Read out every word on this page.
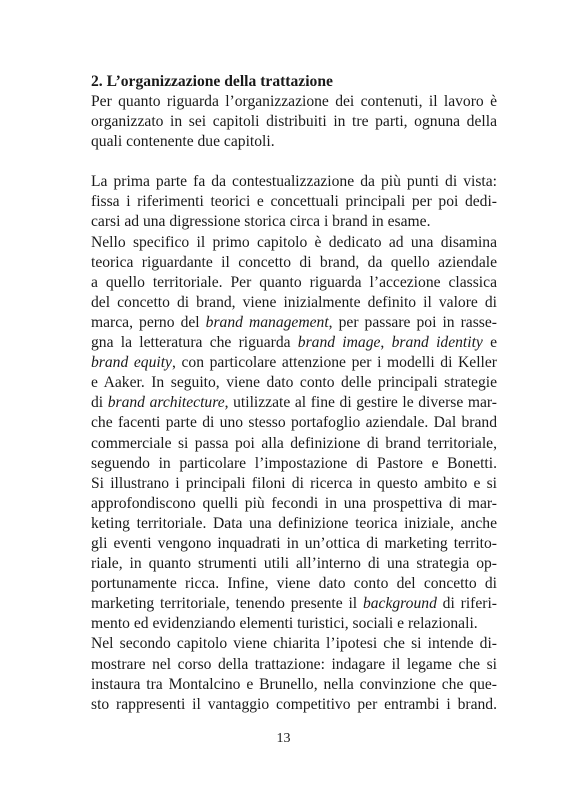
2. L’organizzazione della trattazione
Per quanto riguarda l’organizzazione dei contenuti, il lavoro è
organizzato in sei capitoli distribuiti in tre parti, ognuna della
quali contenente due capitoli.
La prima parte fa da contestualizzazione da più punti di vista:
fissa i riferimenti teorici e concettuali principali per poi dedi-
carsi ad una digressione storica circa i brand in esame.
Nello specifico il primo capitolo è dedicato ad una disamina
teorica riguardante il concetto di brand, da quello aziendale
a quello territoriale. Per quanto riguarda l’accezione classica
del concetto di brand, viene inizialmente definito il valore di
marca, perno del brand management, per passare poi in rasse-
gna la letteratura che riguarda brand image, brand identity e
brand equity, con particolare attenzione per i modelli di Keller
e Aaker. In seguito, viene dato conto delle principali strategie
di brand architecture, utilizzate al fine di gestire le diverse mar-
che facenti parte di uno stesso portafoglio aziendale. Dal brand
commerciale si passa poi alla definizione di brand territoriale,
seguendo in particolare l’impostazione di Pastore e Bonetti.
Si illustrano i principali filoni di ricerca in questo ambito e si
approfondiscono quelli più fecondi in una prospettiva di mar-
keting territoriale. Data una definizione teorica iniziale, anche
gli eventi vengono inquadrati in un’ottica di marketing territo-
riale, in quanto strumenti utili all’interno di una strategia op-
portunamente ricca. Infine, viene dato conto del concetto di
marketing territoriale, tenendo presente il background di riferi-
mento ed evidenziando elementi turistici, sociali e relazionali.
Nel secondo capitolo viene chiarita l’ipotesi che si intende di-
mostrare nel corso della trattazione: indagare il legame che si
instaura tra Montalcino e Brunello, nella convinzione che que-
sto rappresenti il vantaggio competitivo per entrambi i brand.
13
